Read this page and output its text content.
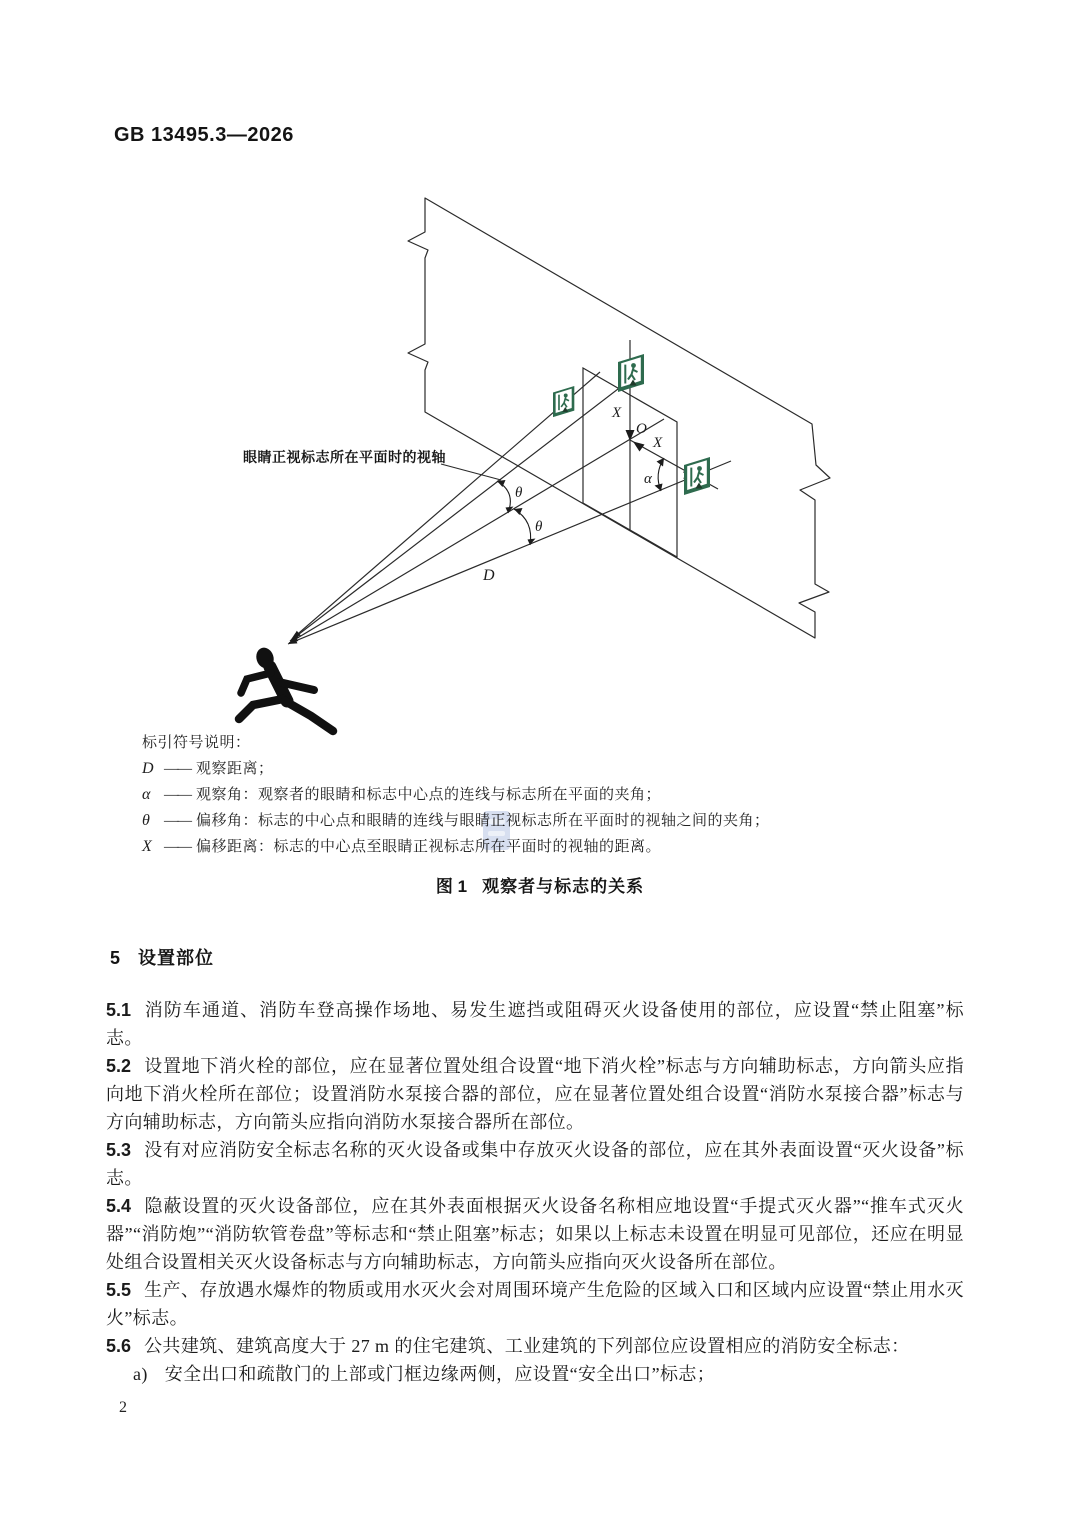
GB 13495.3—2026
眼睛正视标志所在平面时的视轴
X
O
X
α
θ
θ
D
标引符号说明：
D —— 观察距离；
α —— 观察角：观察者的眼睛和标志中心点的连线与标志所在平面的夹角；
θ —— 偏移角：标志的中心点和眼睛的连线与眼睛正视标志所在平面时的视轴之间的夹角；
X —— 偏移距离：标志的中心点至眼睛正视标志所在平面时的视轴的距离。
图 1 观察者与标志的关系
5 设置部位

5.1 消防车通道、消防车登高操作场地、易发生遮挡或阻碍灭火设备使用的部位，应设置“禁止阻塞”标志。

5.2 设置地下消火栓的部位，应在显著位置处组合设置“地下消火栓”标志与方向辅助标志，方向箭头应指向地下消火栓所在部位；设置消防水泵接合器的部位，应在显著位置处组合设置“消防水泵接合器”标志与方向辅助标志，方向箭头应指向消防水泵接合器所在部位。

5.3 没有对应消防安全标志名称的灭火设备或集中存放灭火设备的部位，应在其外表面设置“灭火设备”标志。

5.4 隐蔽设置的灭火设备部位，应在其外表面根据灭火设备名称相应地设置“手提式灭火器”“推车式灭火器”“消防炮”“消防软管卷盘”等标志和“禁止阻塞”标志；如果以上标志未设置在明显可见部位，还应在明显处组合设置相关灭火设备标志与方向辅助标志，方向箭头应指向灭火设备所在部位。

5.5 生产、存放遇水爆炸的物质或用水灭火会对周围环境产生危险的区域入口和区域内应设置“禁止用水灭火”标志。

5.6 公共建筑、建筑高度大于 27 m 的住宅建筑、工业建筑的下列部位应设置相应的消防安全标志：

a) 安全出口和疏散门的上部或门框边缘两侧，应设置“安全出口”标志；

2
